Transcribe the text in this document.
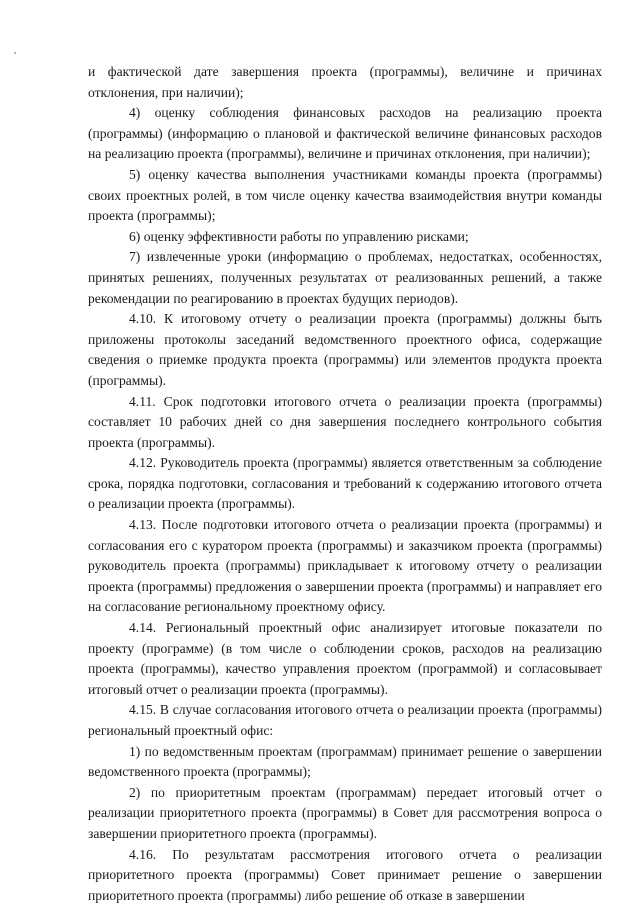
и фактической дате завершения проекта (программы), величине и причинах отклонения, при наличии);

4) оценку соблюдения финансовых расходов на реализацию проекта (программы) (информацию о плановой и фактической величине финансовых расходов на реализацию проекта (программы), величине и причинах отклонения, при наличии);

5) оценку качества выполнения участниками команды проекта (программы) своих проектных ролей, в том числе оценку качества взаимодействия внутри команды проекта (программы);

6) оценку эффективности работы по управлению рисками;

7) извлеченные уроки (информацию о проблемах, недостатках, особенностях, принятых решениях, полученных результатах от реализованных решений, а также рекомендации по реагированию в проектах будущих периодов).

4.10. К итоговому отчету о реализации проекта (программы) должны быть приложены протоколы заседаний ведомственного проектного офиса, содержащие сведения о приемке продукта проекта (программы) или элементов продукта проекта (программы).

4.11. Срок подготовки итогового отчета о реализации проекта (программы) составляет 10 рабочих дней со дня завершения последнего контрольного события проекта (программы).

4.12. Руководитель проекта (программы) является ответственным за соблюдение срока, порядка подготовки, согласования и требований к содержанию итогового отчета о реализации проекта (программы).

4.13. После подготовки итогового отчета о реализации проекта (программы) и согласования его с куратором проекта (программы) и заказчиком проекта (программы) руководитель проекта (программы) прикладывает к итоговому отчету о реализации проекта (программы) предложения о завершении проекта (программы) и направляет его на согласование региональному проектному офису.

4.14. Региональный проектный офис анализирует итоговые показатели по проекту (программе) (в том числе о соблюдении сроков, расходов на реализацию проекта (программы), качество управления проектом (программой) и согласовывает итоговый отчет о реализации проекта (программы).

4.15. В случае согласования итогового отчета о реализации проекта (программы) региональный проектный офис:

1) по ведомственным проектам (программам) принимает решение о завершении ведомственного проекта (программы);

2) по приоритетным проектам (программам) передает итоговый отчет о реализации приоритетного проекта (программы) в Совет для рассмотрения вопроса о завершении приоритетного проекта (программы).

4.16. По результатам рассмотрения итогового отчета о реализации приоритетного проекта (программы) Совет принимает решение о завершении приоритетного проекта (программы) либо решение об отказе в завершении
